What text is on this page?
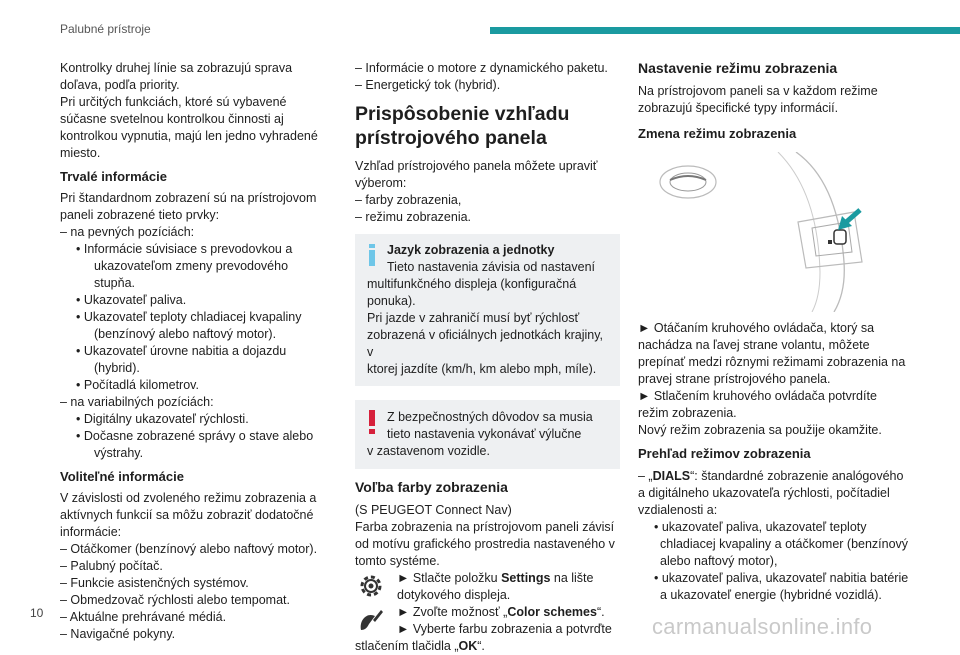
Palubné prístroje

Kontrolky druhej línie sa zobrazujú sprava

doľava, podľa priority.

Pri určitých funkciách, ktoré sú vybavené

súčasne svetelnou kontrolkou činnosti aj

kontrolkou vypnutia, majú len jedno vyhradené

miesto.

Trvalé informácie

Pri štandardnom zobrazení sú na prístrojovom

paneli zobrazené tieto prvky:

– na pevných pozíciách:

• Informácie súvisiace s prevodovkou a

ukazovateľom zmeny prevodového stupňa.

• Ukazovateľ paliva.

• Ukazovateľ teploty chladiacej kvapaliny

(benzínový alebo naftový motor).

• Ukazovateľ úrovne nabitia a dojazdu

(hybrid).

• Počítadlá kilometrov.

– na variabilných pozíciách:

• Digitálny ukazovateľ rýchlosti.

• Dočasne zobrazené správy o stave alebo

výstrahy.

Voliteľné informácie

V závislosti od zvoleného režimu zobrazenia a

aktívnych funkcií sa môžu zobraziť dodatočné

informácie:

– Otáčkomer (benzínový alebo naftový motor).

– Palubný počítač.

– Funkcie asistenčných systémov.

– Obmedzovač rýchlosti alebo tempomat.

– Aktuálne prehrávané médiá.

– Navigačné pokyny.

– Informácie o motore z dynamického paketu.

– Energetický tok (hybrid).

Prispôsobenie vzhľadu
prístrojového panela

Vzhľad prístrojového panela môžete upraviť

výberom:

– farby zobrazenia,

– režimu zobrazenia.

Jazyk zobrazenia a jednotky

Tieto nastavenia závisia od nastavení

multifunkčného displeja (konfiguračná

ponuka).

Pri jazde v zahraničí musí byť rýchlosť

zobrazená v oficiálnych jednotkách krajiny, v

ktorej jazdíte (km/h, km alebo mph, míle).

Z bezpečnostných dôvodov sa musia

tieto nastavenia vykonávať výlučne

v zastavenom vozidle.

Voľba farby zobrazenia

(S PEUGEOT Connect Nav)

Farba zobrazenia na prístrojovom paneli závisí

od motívu grafického prostredia nastaveného v

tomto systéme.

► Stlačte položku Settings na lište

dotykového displeja.

► Zvoľte možnosť „Color schemes“.

► Vyberte farbu zobrazenia a potvrďte

stlačením tlačidla „OK“.

Nastavenie režimu zobrazenia

Na prístrojovom paneli sa v každom režime

zobrazujú špecifické typy informácií.

Zmena režimu zobrazenia

► Otáčaním kruhového ovládača, ktorý sa

nachádza na ľavej strane volantu, môžete

prepínať medzi rôznymi režimami zobrazenia na

pravej strane prístrojového panela.

► Stlačením kruhového ovládača potvrdíte

režim zobrazenia.

Nový režim zobrazenia sa použije okamžite.

Prehľad režimov zobrazenia

– „DIALS“: štandardné zobrazenie analógového

a digitálneho ukazovateľa rýchlosti, počítadiel

vzdialenosti a:

• ukazovateľ paliva, ukazovateľ teploty

chladiacej kvapaliny a otáčkomer (benzínový

alebo naftový motor),

• ukazovateľ paliva, ukazovateľ nabitia batérie

a ukazovateľ energie (hybridné vozidlá).

10
carmanualsonline.info
